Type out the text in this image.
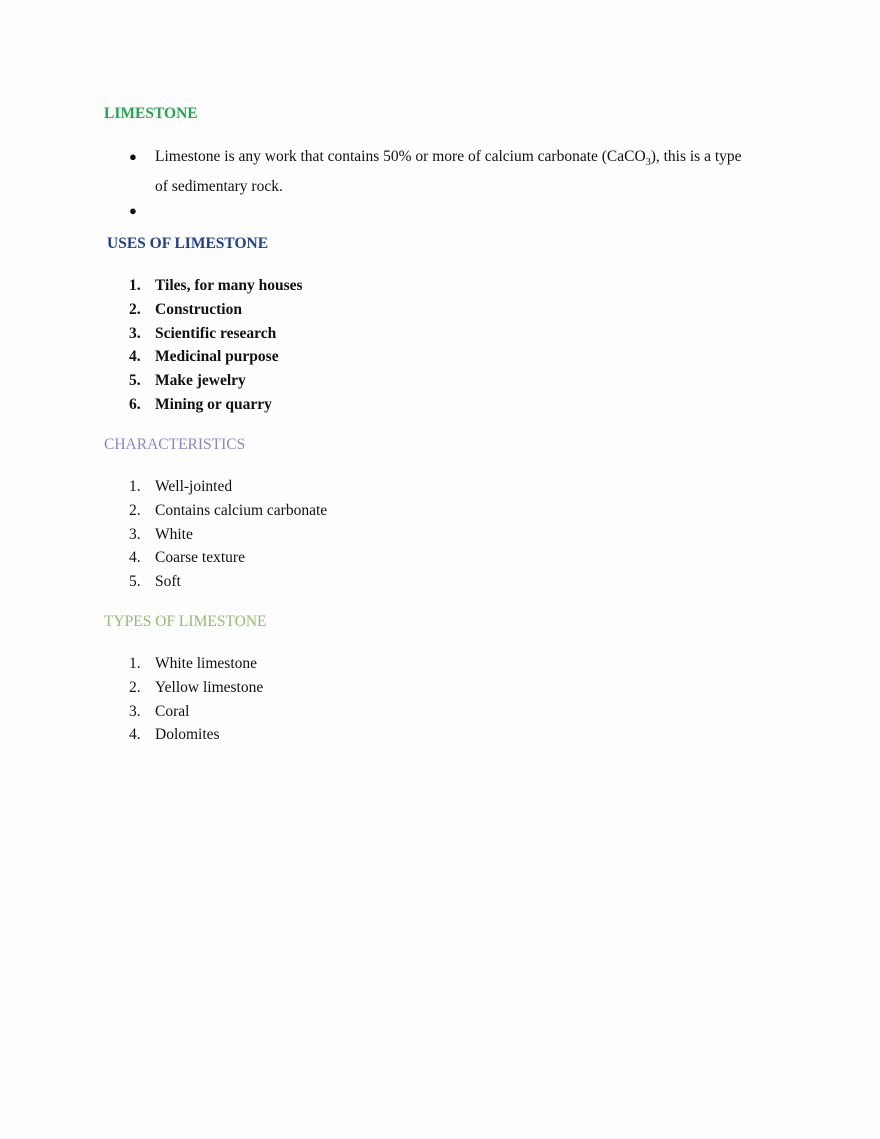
LIMESTONE
● Limestone is any work that contains 50% or more of calcium carbonate (CaCO$_3$), this is a type of sedimentary rock.
●

USES OF LIMESTONE
1. Tiles, for many houses
2. Construction
3. Scientific research
4. Medicinal purpose
5. Make jewelry
6. Mining or quarry
CHARACTERISTICS
1. Well-jointed
2. Contains calcium carbonate
3. White
4. Coarse texture
5. Soft
TYPES OF LIMESTONE
1. White limestone
2. Yellow limestone
3. Coral
4. Dolomites
